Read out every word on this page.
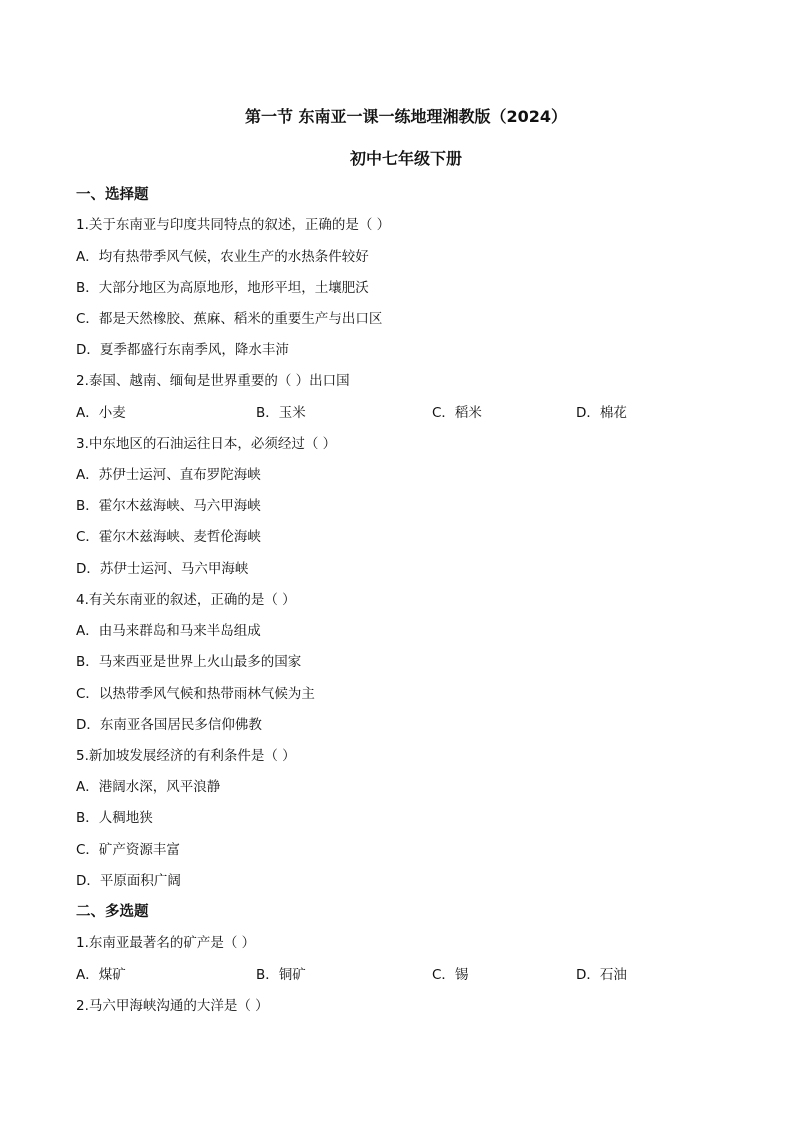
第一节 东南亚一课一练地理湘教版（2024）
初中七年级下册
一、选择题
1.关于东南亚与印度共同特点的叙述，正确的是（ ）
A．均有热带季风气候，农业生产的水热条件较好
B．大部分地区为高原地形，地形平坦，土壤肥沃
C．都是天然橡胶、蕉麻、稻米的重要生产与出口区
D．夏季都盛行东南季风，降水丰沛
2.泰国、越南、缅甸是世界重要的（ ）出口国
A．小麦	B．玉米	C．稻米	D．棉花
3.中东地区的石油运往日本，必须经过（ ）
A．苏伊士运河、直布罗陀海峡
B．霍尔木兹海峡、马六甲海峡
C．霍尔木兹海峡、麦哲伦海峡
D．苏伊士运河、马六甲海峡
4.有关东南亚的叙述，正确的是（ ）
A．由马来群岛和马来半岛组成
B．马来西亚是世界上火山最多的国家
C．以热带季风气候和热带雨林气候为主
D．东南亚各国居民多信仰佛教
5.新加坡发展经济的有利条件是（ ）
A．港阔水深，风平浪静
B．人稠地狭
C．矿产资源丰富
D．平原面积广阔
二、多选题
1.东南亚最著名的矿产是（ ）
A．煤矿	B．铜矿	C．锡	D．石油
2.马六甲海峡沟通的大洋是（ ）
